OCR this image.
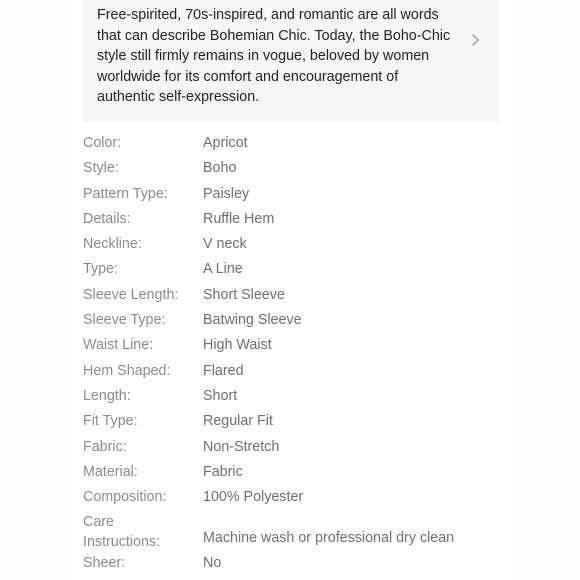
Free-spirited, 70s-inspired, and romantic are all words that can describe Bohemian Chic. Today, the Boho-Chic style still firmly remains in vogue, beloved by women worldwide for its comfort and encouragement of authentic self-expression.

Color:	Apricot
Style:	Boho
Pattern Type:	Paisley
Details:	Ruffle Hem
Neckline:	V neck
Type:	A Line
Sleeve Length:	Short Sleeve
Sleeve Type:	Batwing Sleeve
Waist Line:	High Waist
Hem Shaped:	Flared
Length:	Short
Fit Type:	Regular Fit
Fabric:	Non-Stretch
Material:	Fabric
Composition:	100% Polyester
Care Instructions:	Machine wash or professional dry clean
Sheer:	No
